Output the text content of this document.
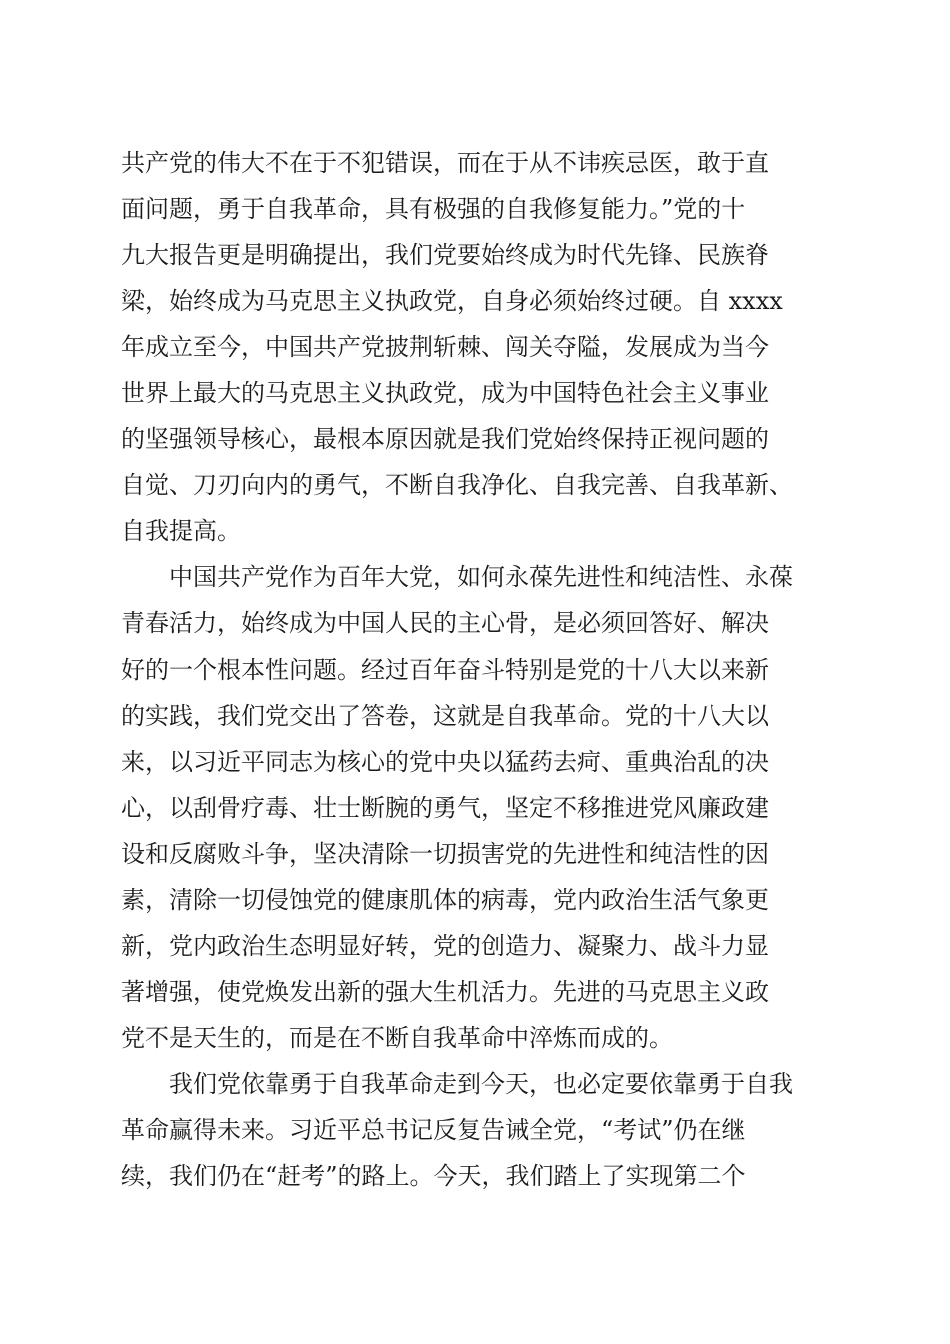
共产党的伟大不在于不犯错误，而在于从不讳疾忌医，敢于直
面问题，勇于自我革命，具有极强的自我修复能力。”党的十
九大报告更是明确提出，我们党要始终成为时代先锋、民族脊
梁，始终成为马克思主义执政党，自身必须始终过硬。自 xxxx
年成立至今，中国共产党披荆斩棘、闯关夺隘，发展成为当今
世界上最大的马克思主义执政党，成为中国特色社会主义事业
的坚强领导核心，最根本原因就是我们党始终保持正视问题的
自觉、刀刃向内的勇气，不断自我净化、自我完善、自我革新、
自我提高。
　　中国共产党作为百年大党，如何永葆先进性和纯洁性、永葆
青春活力，始终成为中国人民的主心骨，是必须回答好、解决
好的一个根本性问题。经过百年奋斗特别是党的十八大以来新
的实践，我们党交出了答卷，这就是自我革命。党的十八大以
来，以习近平同志为核心的党中央以猛药去疴、重典治乱的决
心，以刮骨疗毒、壮士断腕的勇气，坚定不移推进党风廉政建
设和反腐败斗争，坚决清除一切损害党的先进性和纯洁性的因
素，清除一切侵蚀党的健康肌体的病毒，党内政治生活气象更
新，党内政治生态明显好转，党的创造力、凝聚力、战斗力显
著增强，使党焕发出新的强大生机活力。先进的马克思主义政
党不是天生的，而是在不断自我革命中淬炼而成的。
　　我们党依靠勇于自我革命走到今天，也必定要依靠勇于自我
革命赢得未来。习近平总书记反复告诫全党，“考试”仍在继
续，我们仍在“赶考”的路上。今天，我们踏上了实现第二个
